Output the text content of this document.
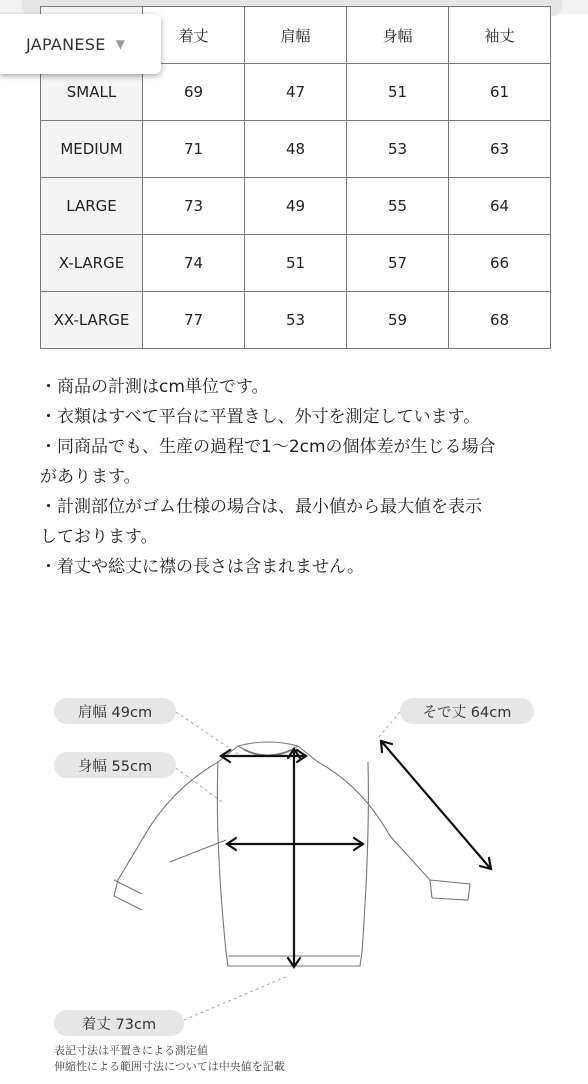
	着丈	肩幅	身幅	袖丈
SMALL	69	47	51	61
MEDIUM	71	48	53	63
LARGE	73	49	55	64
X-LARGE	74	51	57	66
XX-LARGE	77	53	59	68
JAPANESE ▼

・商品の計測はcm単位です。

・衣類はすべて平台に平置きし、外寸を測定しています。

・同商品でも、生産の過程で1〜2cmの個体差が生じる場合

があります。

・計測部位がゴム仕様の場合は、最小値から最大値を表示

しております。

・着丈や総丈に襟の長さは含まれません。

肩幅 49cm
身幅 55cm
そで丈 64cm
着丈 73cm
表記寸法は平置きによる測定値
伸縮性による範囲寸法については中央値を記載
